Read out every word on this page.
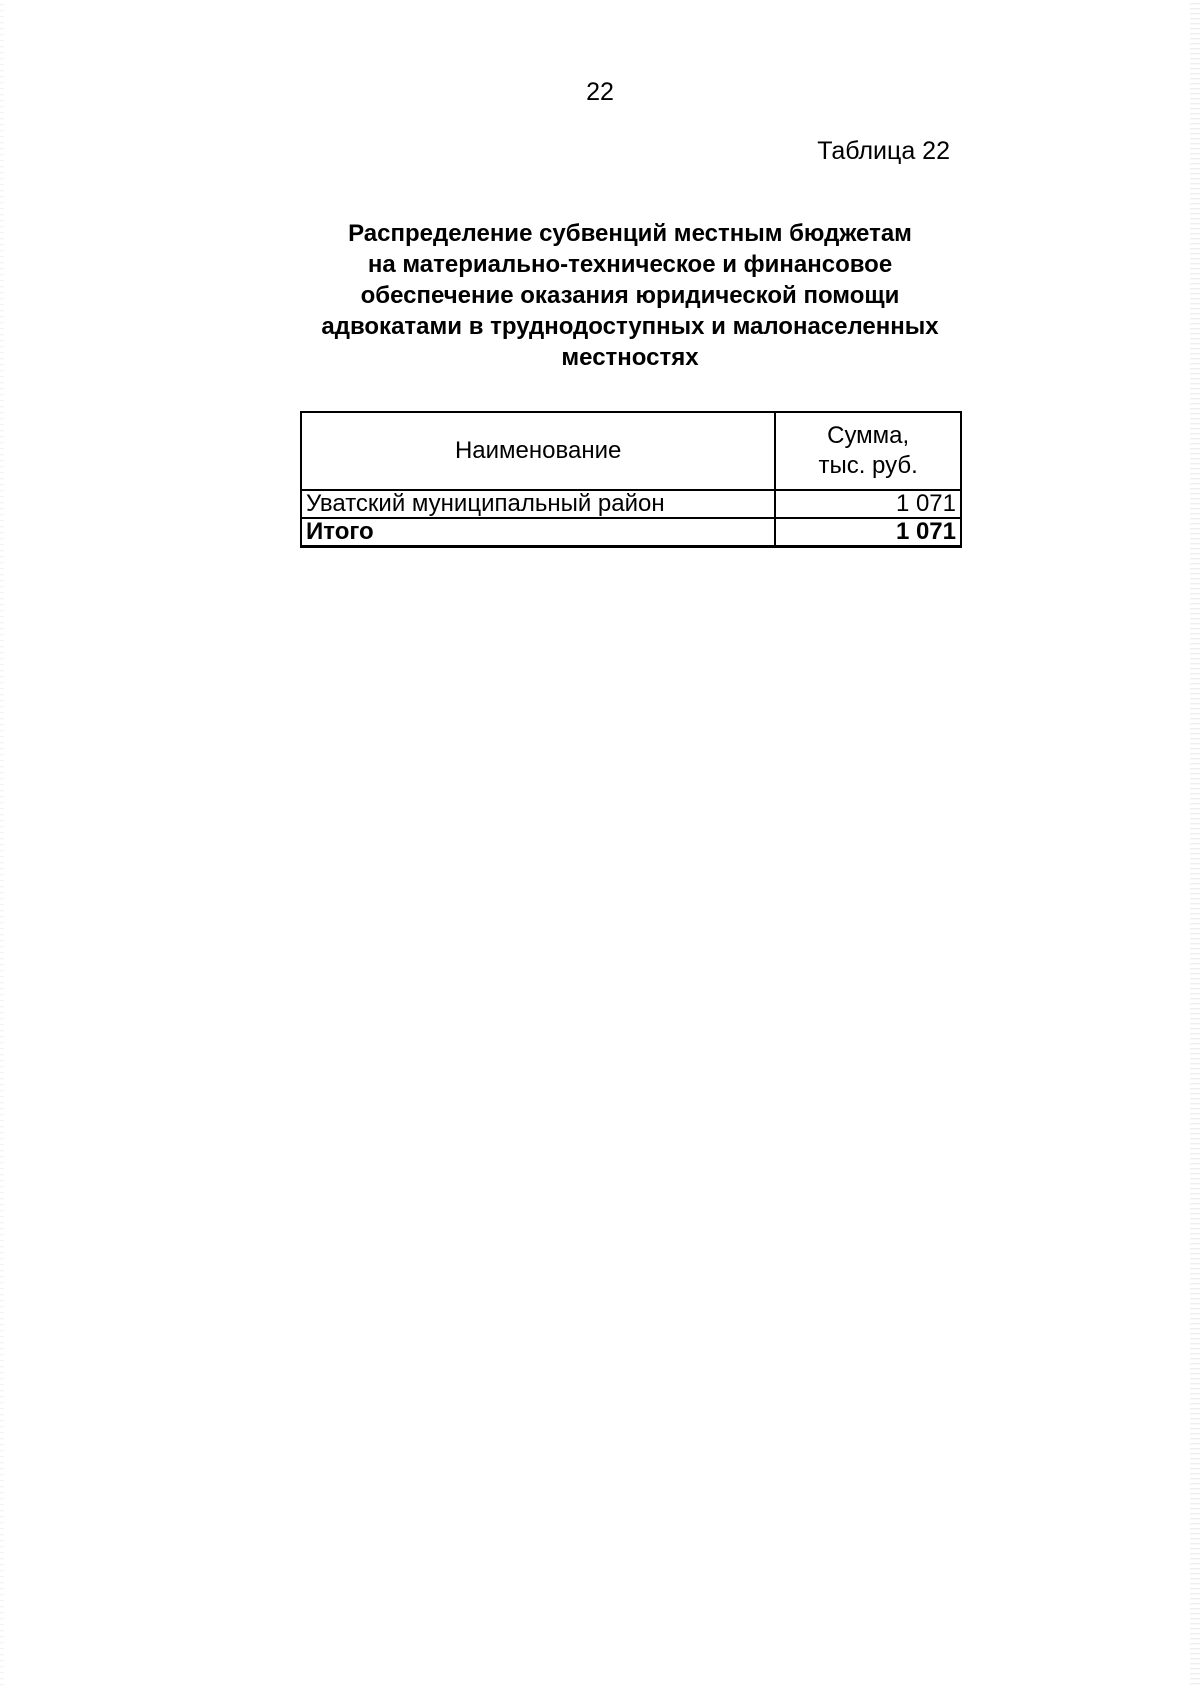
22
Таблица 22
Распределение субвенций местным бюджетам
на материально-техническое и финансовое
обеспечение оказания юридической помощи
адвокатами в труднодоступных и малонаселенных
местностях
Наименование	Сумма,
тыс. руб.
Уватский муниципальный район	1 071
Итого	1 071
